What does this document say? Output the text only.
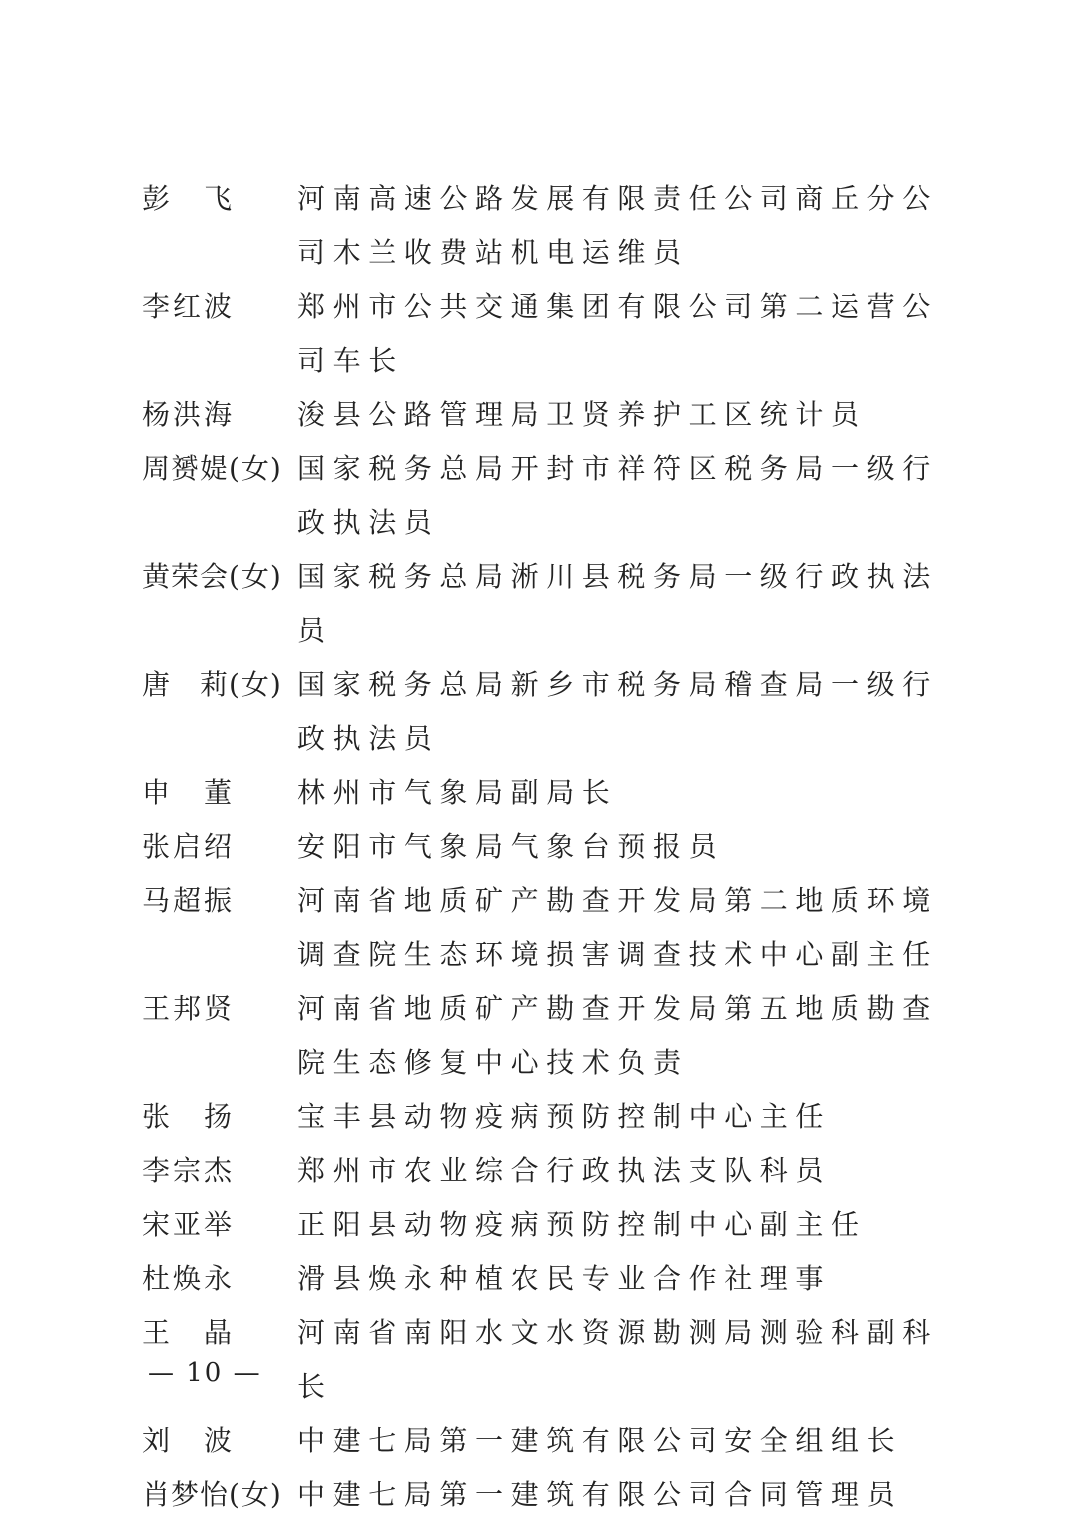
彭　飞	河南高速公路发展有限责任公司商丘分公司木兰收费站机电运维员
李红波	郑州市公共交通集团有限公司第二运营公司车长
杨洪海	浚县公路管理局卫贤养护工区统计员
周赟媞(女) 国家税务总局开封市祥符区税务局一级行政执法员
黄荣会(女) 国家税务总局淅川县税务局一级行政执法员
唐　莉(女) 国家税务总局新乡市税务局稽查局一级行政执法员
申　董	林州市气象局副局长
张启绍	安阳市气象局气象台预报员
马超振	河南省地质矿产勘查开发局第二地质环境调查院生态环境损害调查技术中心副主任
王邦贤	河南省地质矿产勘查开发局第五地质勘查院生态修复中心技术负责
张　扬	宝丰县动物疫病预防控制中心主任
李宗杰	郑州市农业综合行政执法支队科员
宋亚举	正阳县动物疫病预防控制中心副主任
杜焕永	滑县焕永种植农民专业合作社理事
王　晶	河南省南阳水文水资源勘测局测验科副科长
刘　波	中建七局第一建筑有限公司安全组组长
肖梦怡(女) 中建七局第一建筑有限公司合同管理员
— 10 —
